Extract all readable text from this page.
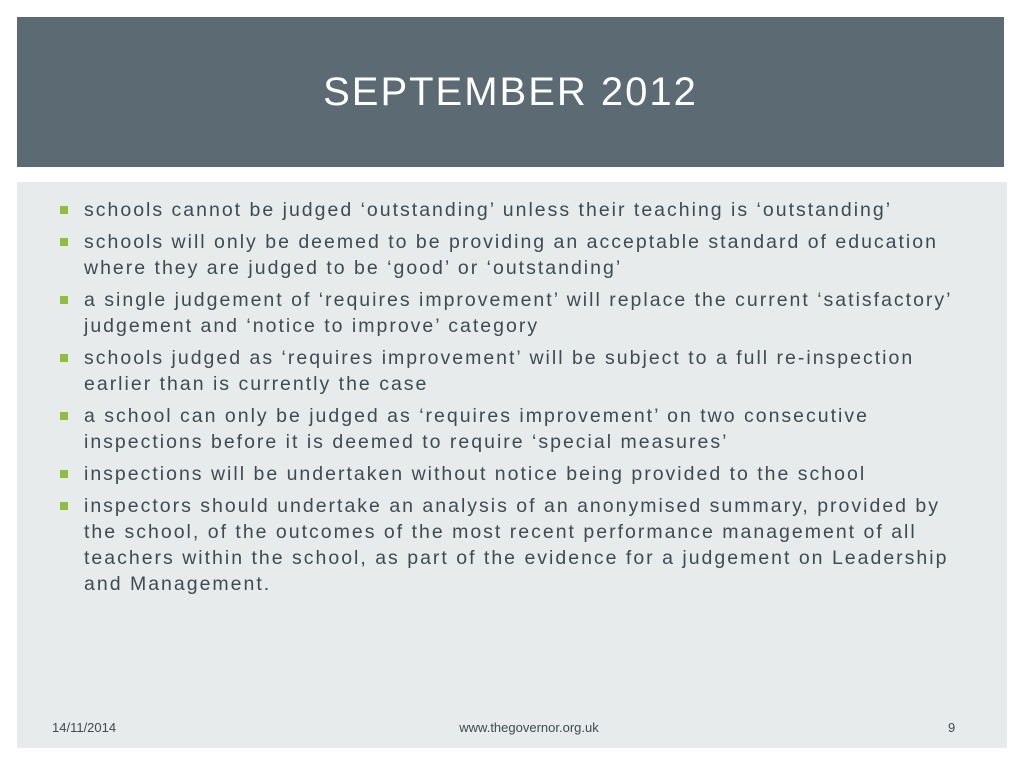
SEPTEMBER 2012
schools cannot be judged ‘outstanding’ unless their teaching is ‘outstanding’
schools will only be deemed to be providing an acceptable standard of education where they are judged to be ‘good’ or ‘outstanding’
a single judgement of ‘requires improvement’ will replace the current ‘satisfactory’ judgement and ‘notice to improve’ category
schools judged as ‘requires improvement’ will be subject to a full re-inspection earlier than is currently the case
a school can only be judged as ‘requires improvement’ on two consecutive inspections before it is deemed to require ‘special measures’
inspections will be undertaken without notice being provided to the school
inspectors should undertake an analysis of an anonymised summary, provided by the school, of the outcomes of the most recent performance management of all teachers within the school, as part of the evidence for a judgement on Leadership and Management.
14/11/2014	www.thegovernor.org.uk	9
